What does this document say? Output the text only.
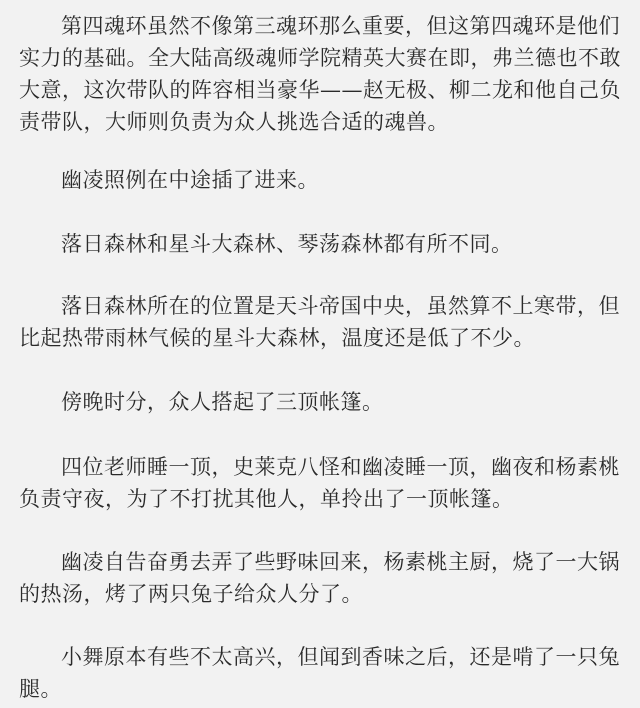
第四魂环虽然不像第三魂环那么重要，但这第四魂环是他们实力的基础。全大陆高级魂师学院精英大赛在即，弗兰德也不敢大意，这次带队的阵容相当豪华——赵无极、柳二龙和他自己负责带队，大师则负责为众人挑选合适的魂兽。

幽凌照例在中途插了进来。

落日森林和星斗大森林、琴荡森林都有所不同。

落日森林所在的位置是天斗帝国中央，虽然算不上寒带，但比起热带雨林气候的星斗大森林，温度还是低了不少。

傍晚时分，众人搭起了三顶帐篷。

四位老师睡一顶，史莱克八怪和幽凌睡一顶，幽夜和杨素桃负责守夜，为了不打扰其他人，单拎出了一顶帐篷。

幽凌自告奋勇去弄了些野味回来，杨素桃主厨，烧了一大锅的热汤，烤了两只兔子给众人分了。

小舞原本有些不太高兴，但闻到香味之后，还是啃了一只兔腿。
